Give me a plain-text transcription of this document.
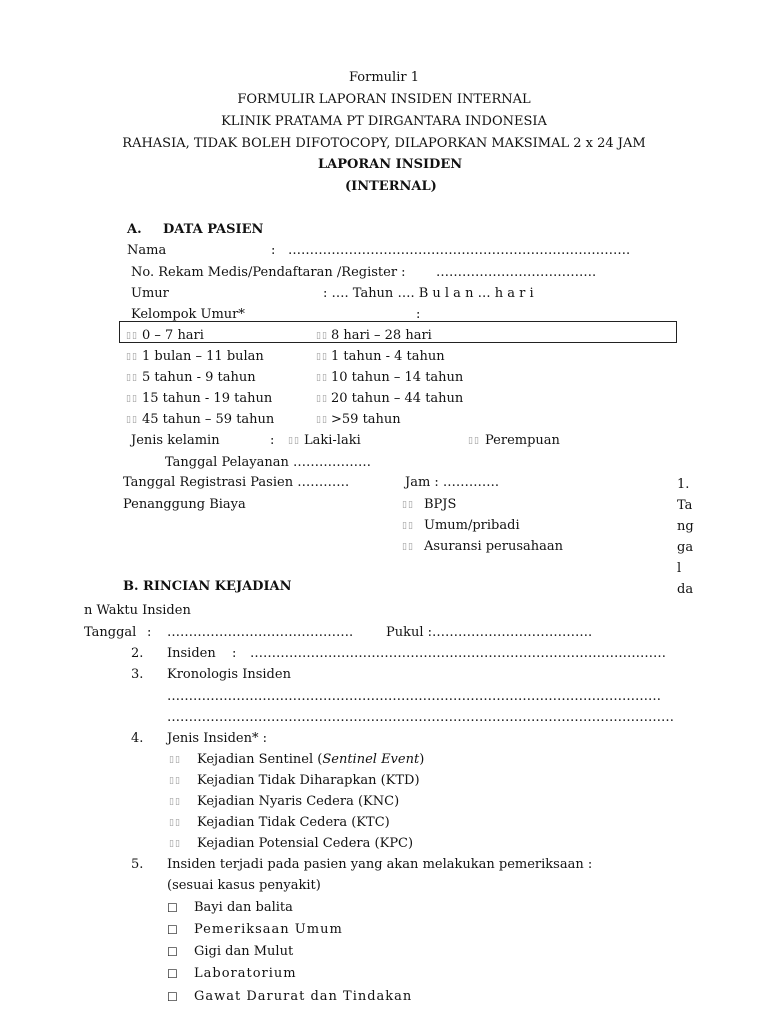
Formulir 1
FORMULIR LAPORAN INSIDEN INTERNAL
KLINIK PRATAMA PT DIRGANTARA INDONESIA
RAHASIA, TIDAK BOLEH DIFOTOCOPY, DILAPORKAN MAKSIMAL 2 x 24 JAM
LAPORAN INSIDEN
(INTERNAL)
A. DATA PASIEN
Nama	: …………………………………………………………………….
No. Rekam Medis/Pendaftaran /Register : ……………………………….
Umur	: …. Tahun …. B u l a n … h a r i
Kelompok Umur*	:
▯▯ 0 – 7 hari	▯▯ 8 hari – 28 hari
▯▯ 1 bulan – 11 bulan	▯▯ 1 tahun - 4 tahun
▯▯ 5 tahun - 9 tahun	▯▯ 10 tahun – 14 tahun
▯▯ 15 tahun - 19 tahun	▯▯ 20 tahun – 44 tahun
▯▯ 45 tahun – 59 tahun	▯▯ >59 tahun
Jenis kelamin	: ▯▯ Laki-laki	▯▯ Perempuan
Tanggal Pelayanan ………………
Tanggal Registrasi Pasien …………	Jam : ………….
Penanggung Biaya	▯▯ BPJS
▯▯ Umum/pribadi
▯▯ Asuransi perusahaan
1.
Ta
ng
ga
l
da
B. RINCIAN KEJADIAN
n Waktu Insiden
Tanggal : …………………………………….	Pukul :……………………………….
2. Insiden : ……………………………………………………………………………………
3. Kronologis Insiden
……………………………………………………………………………………………………
………………………………………………………………………………………………………
4. Jenis Insiden* :
▯▯ Kejadian Sentinel (Sentinel Event)
▯▯ Kejadian Tidak Diharapkan (KTD)
▯▯ Kejadian Nyaris Cedera (KNC)
▯▯ Kejadian Tidak Cedera (KTC)
▯▯ Kejadian Potensial Cedera (KPC)
5. Insiden terjadi pada pasien yang akan melakukan pemeriksaan :
(sesuai kasus penyakit)
☐ Bayi dan balita
☐ Pemeriksaan Umum
☐ Gigi dan Mulut
☐ Laboratorium
☐ Gawat Darurat dan Tindakan
